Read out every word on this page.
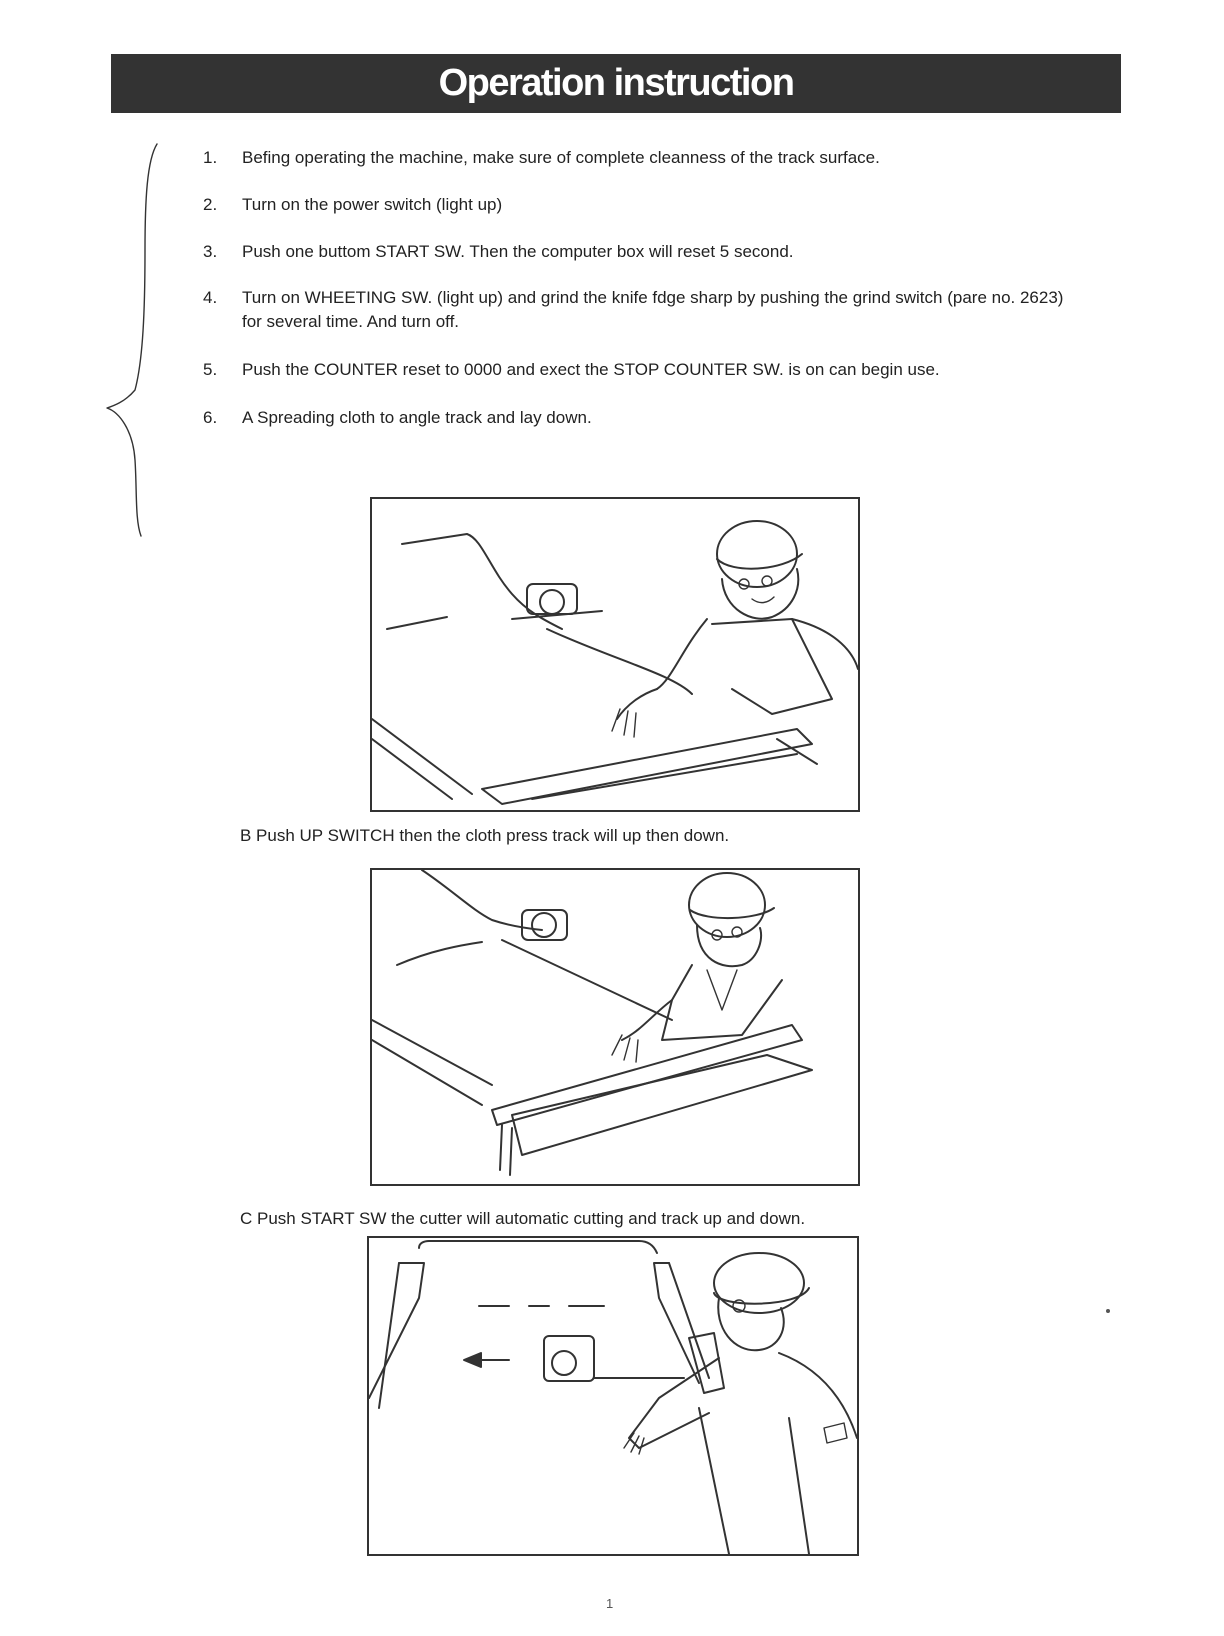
Operation instruction
1.	Befing operating the machine, make sure of complete cleanness of the track surface.
2.	Turn on the power switch (light up)
3.	Push one buttom START SW. Then the computer box will reset 5 second.
4.	Turn on WHEETING SW. (light up) and grind the knife fdge sharp by pushing the grind switch (pare no. 2623) for several time. And turn off.
5.	Push the COUNTER reset to 0000 and exect the STOP COUNTER SW. is on can begin use.
6.	A Spreading cloth to angle track and lay down.
B Push UP SWITCH then the cloth press track will up then down.
C Push START SW the cutter will automatic cutting and track up and down.
1
